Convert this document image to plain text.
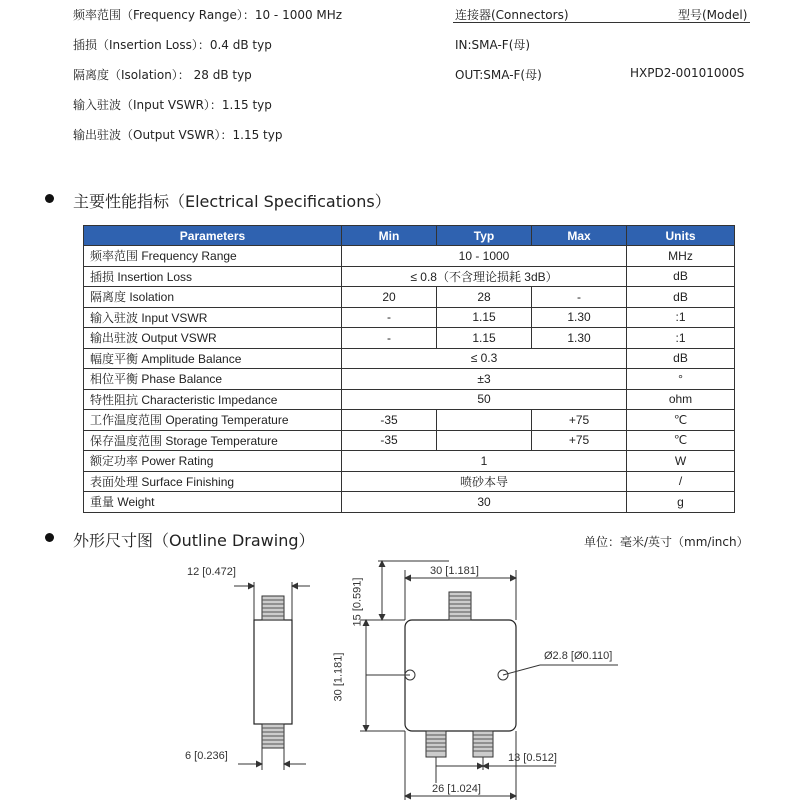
频率范围（Frequency Range）：10 - 1000 MHz
插损（Insertion Loss）：0.4 dB typ
隔离度（Isolation）： 28 dB typ
输入驻波（Input VSWR）：1.15 typ
输出驻波（Output VSWR）：1.15 typ
连接器(Connectors)	型号(Model)
IN:SMA-F(母)
OUT:SMA-F(母)	HXPD2-00101000S
主要性能指标（Electrical Specifications）
Parameters	Min	Typ	Max	Units
频率范围 Frequency Range	10 - 1000			MHz
插损 Insertion Loss	≤ 0.8（不含理论损耗 3dB）			dB
隔离度 Isolation	20	28	-	dB
输入驻波 Input VSWR	-	1.15	1.30	:1
输出驻波 Output VSWR	-	1.15	1.30	:1
幅度平衡 Amplitude Balance	≤ 0.3			dB
相位平衡 Phase Balance	±3			°
特性阻抗 Characteristic Impedance	50			ohm
工作温度范围 Operating Temperature	-35		+75	℃
保存温度范围 Storage Temperature	-35		+75	℃
额定功率 Power Rating	1			W
表面处理 Surface Finishing	喷砂本导			/
重量 Weight	30			g
外形尺寸图（Outline Drawing）	单位：毫米/英寸（mm/inch）
12 [0.472]
6 [0.236]
30 [1.181]
15 [0.591]
30 [1.181]	Ø2.8 [Ø0.110]
13 [0.512]
26 [1.024]
